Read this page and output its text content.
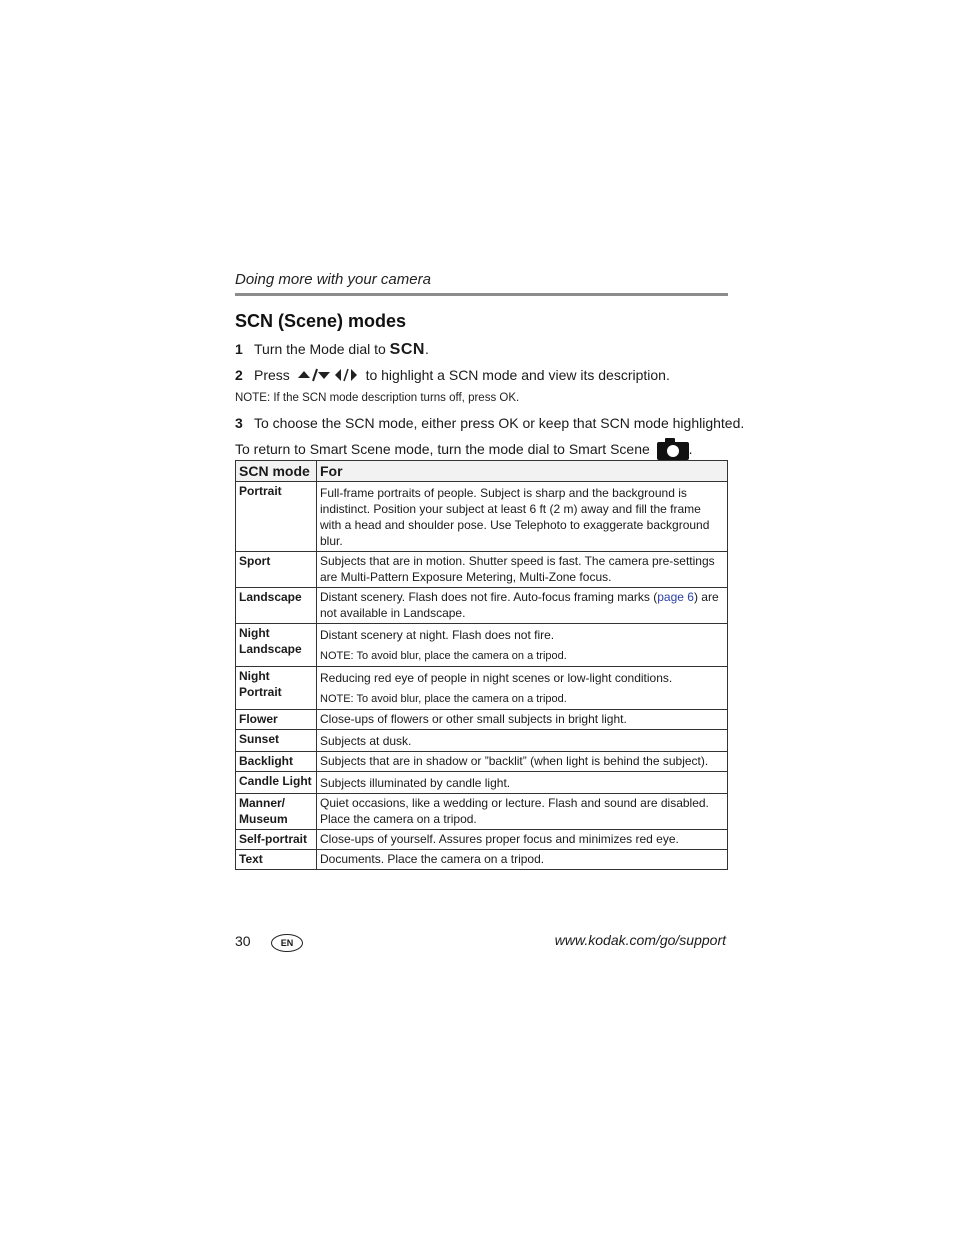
Doing more with your camera
SCN (Scene) modes
1 Turn the Mode dial to SCN.
2 Press	to highlight a SCN mode and view its description.
NOTE: If the SCN mode description turns off, press OK.
3 To choose the SCN mode, either press OK or keep that SCN mode highlighted.
To return to Smart Scene mode, turn the mode dial to Smart Scene	.
SCN mode	For
Portrait	Full-frame portraits of people. Subject is sharp and the background is indistinct. Position your subject at least 6 ft (2 m) away and fill the frame with a head and shoulder pose. Use Telephoto to exaggerate background blur.

Sport	Subjects that are in motion. Shutter speed is fast. The camera pre-settings are Multi-Pattern Exposure Metering, Multi-Zone focus.
Landscape	Distant scenery. Flash does not fire. Auto-focus framing marks (page 6) are not available in Landscape.
Night Landscape	Distant scenery at night. Flash does not fire.
NOTE: To avoid blur, place the camera on a tripod.

Night Portrait	Reducing red eye of people in night scenes or low-light conditions.
NOTE: To avoid blur, place the camera on a tripod.

Flower	Close-ups of flowers or other small subjects in bright light.
Sunset	Subjects at dusk.

Backlight	Subjects that are in shadow or ”backlit” (when light is behind the subject).
Candle Light	Subjects illuminated by candle light.

Manner/ Museum	Quiet occasions, like a wedding or lecture. Flash and sound are disabled. Place the camera on a tripod.
Self-portrait	Close-ups of yourself. Assures proper focus and minimizes red eye.
Text	Documents. Place the camera on a tripod.
30	EN	www.kodak.com/go/support
